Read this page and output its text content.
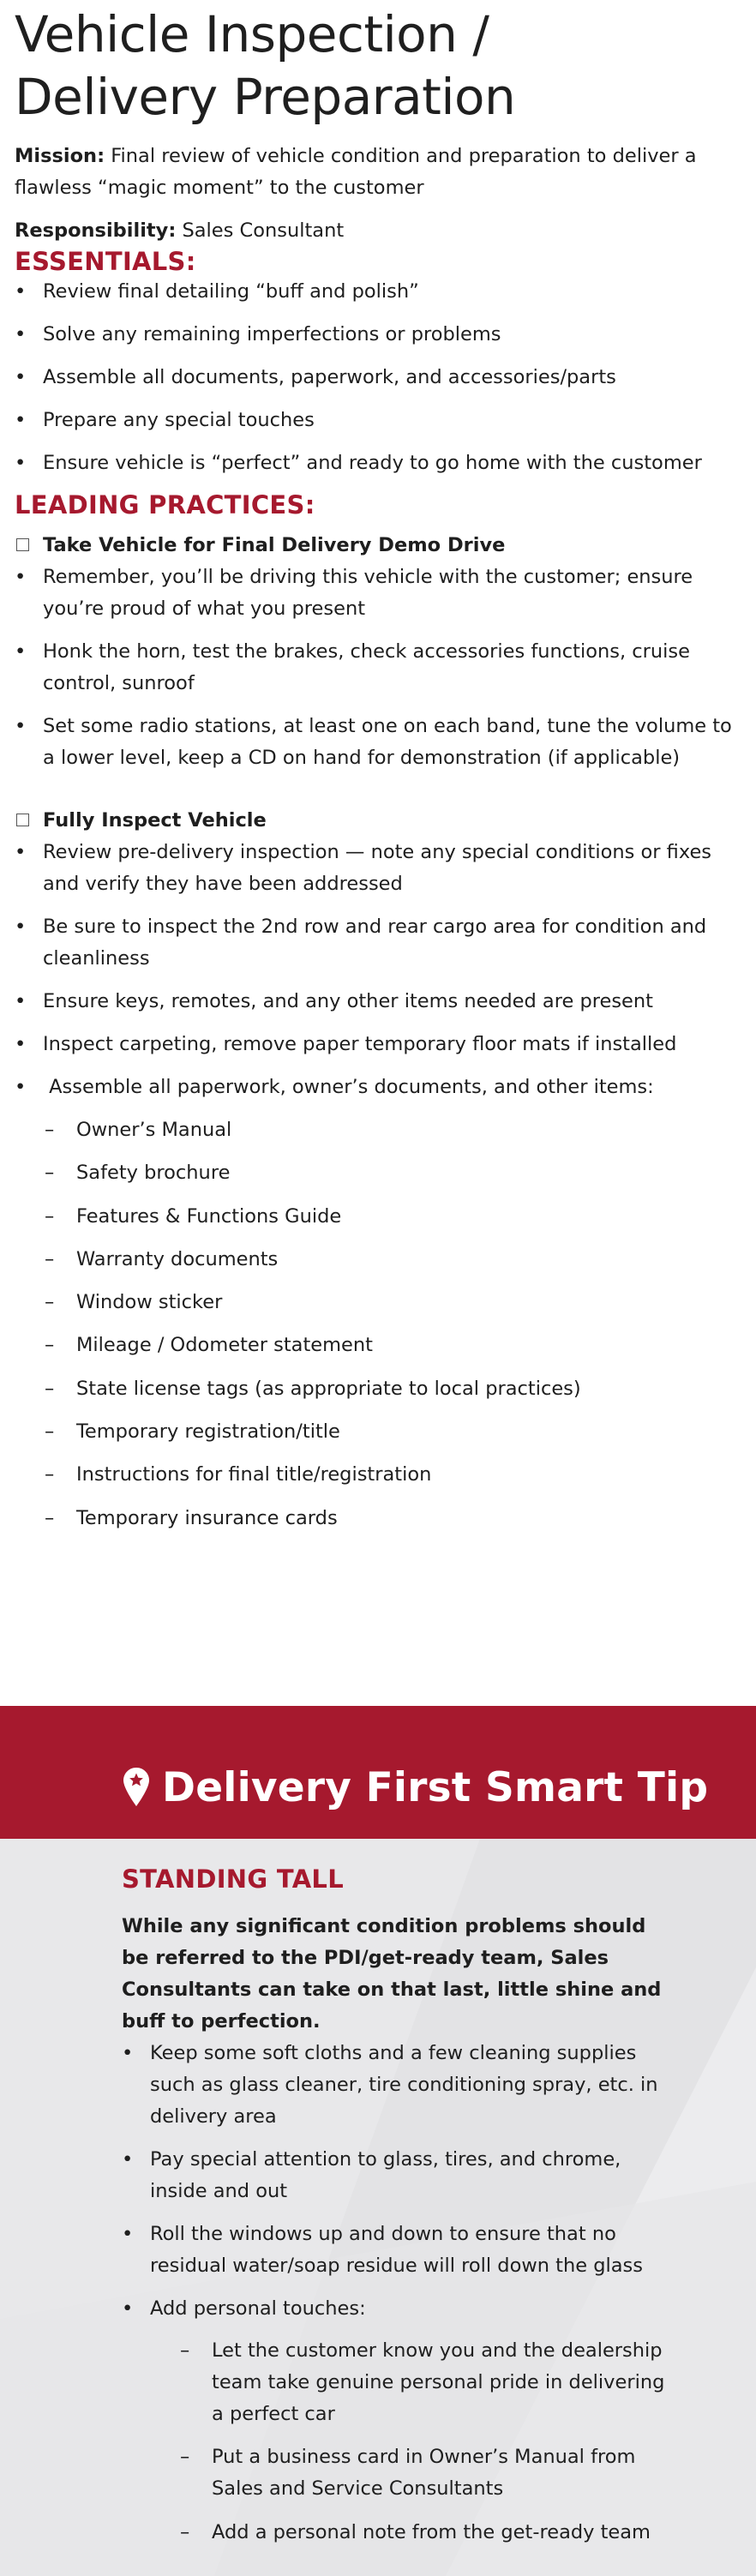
Vehicle Inspection /
Delivery Preparation

Mission: Final review of vehicle condition and preparation to deliver a flawless “magic moment” to the customer

Responsibility: Sales Consultant

ESSENTIALS:
• Review final detailing “buff and polish”
• Solve any remaining imperfections or problems
• Assemble all documents, paperwork, and accessories/parts
• Prepare any special touches
• Ensure vehicle is “perfect” and ready to go home with the customer
LEADING PRACTICES:
Take Vehicle for Final Delivery Demo Drive
• Remember, you’ll be driving this vehicle with the customer; ensure you’re proud of what you present
• Honk the horn, test the brakes, check accessories functions, cruise control, sunroof
• Set some radio stations, at least one on each band, tune the volume to a lower level, keep a CD on hand for demonstration (if applicable)
Fully Inspect Vehicle
• Review pre-delivery inspection — note any special conditions or fixes and verify they have been addressed
• Be sure to inspect the 2nd row and rear cargo area for condition and cleanliness
• Ensure keys, remotes, and any other items needed are present
• Inspect carpeting, remove paper temporary floor mats if installed
• Assemble all paperwork, owner’s documents, and other items:
– Owner’s Manual
– Safety brochure
– Features & Functions Guide
– Warranty documents
– Window sticker
– Mileage / Odometer statement
– State license tags (as appropriate to local practices)
– Temporary registration/title
– Instructions for final title/registration
– Temporary insurance cards
Delivery First Smart Tip
STANDING TALL

While any significant condition problems should be referred to the PDI/get-ready team, Sales Consultants can take on that last, little shine and buff to perfection.

• Keep some soft cloths and a few cleaning supplies such as glass cleaner, tire conditioning spray, etc. in delivery area
• Pay special attention to glass, tires, and chrome, inside and out
• Roll the windows up and down to ensure that no residual water/soap residue will roll down the glass
• Add personal touches:
– Let the customer know you and the dealership team take genuine personal pride in delivering a perfect car
– Put a business card in Owner’s Manual from Sales and Service Consultants
– Add a personal note from the get-ready team
